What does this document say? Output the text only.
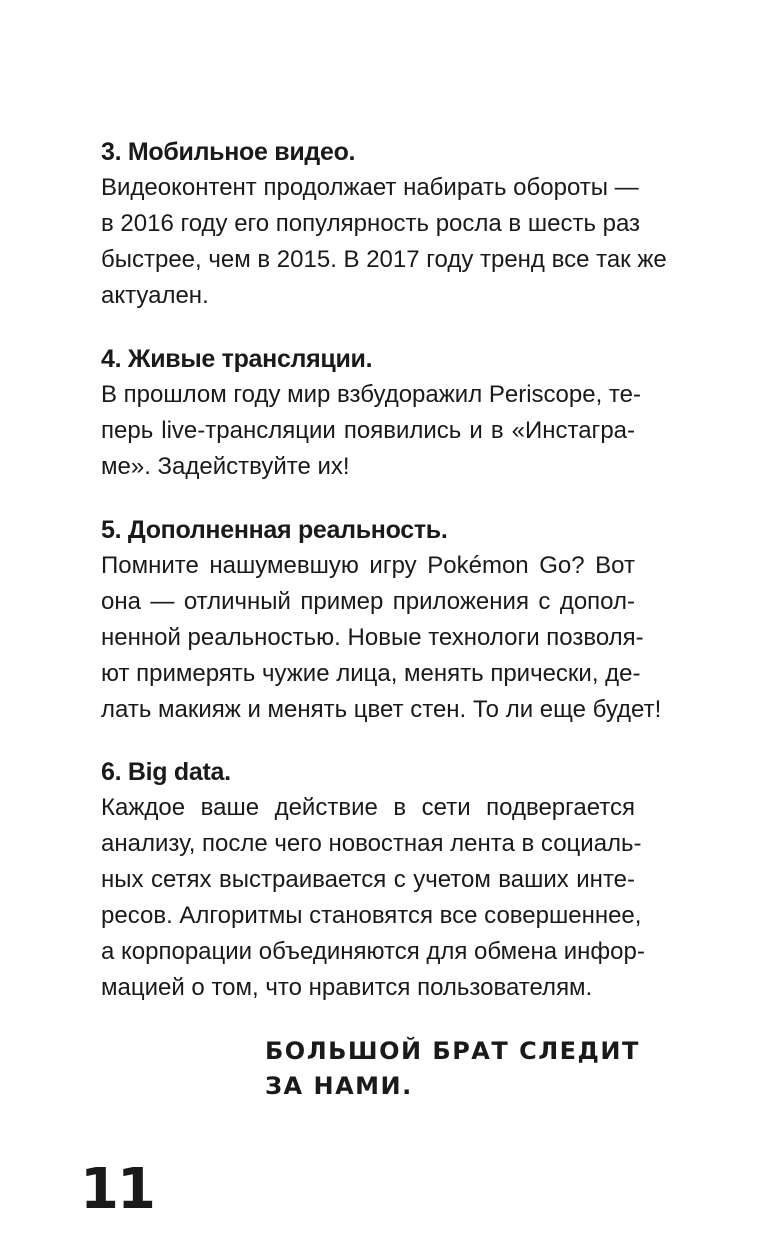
3. Мобильное видео.

Видеоконтент продолжает набирать обороты —
в 2016 году его популярность росла в шесть раз
быстрее, чем в 2015. В 2017 году тренд все так же
актуален.

4. Живые трансляции.

В прошлом году мир взбудоражил Periscope, те-
перь live-трансляции появились и в «Инстагра-
ме». Задействуйте их!

5. Дополненная реальность.

Помните нашумевшую игру Pokémon Go? Вот
она — отличный пример приложения с допол-
ненной реальностью. Новые технологи позволя-
ют примерять чужие лица, менять прически, де-
лать макияж и менять цвет стен. То ли еще будет!

6. Big data.

Каждое ваше действие в сети подвергается
анализу, после чего новостная лента в социаль-
ных сетях выстраивается с учетом ваших инте-
ресов. Алгоритмы становятся все совершеннее,
а корпорации объединяются для обмена инфор-
мацией о том, что нравится пользователям.

БОЛЬШОЙ БРАТ СЛЕДИТ
ЗА НАМИ.
11
